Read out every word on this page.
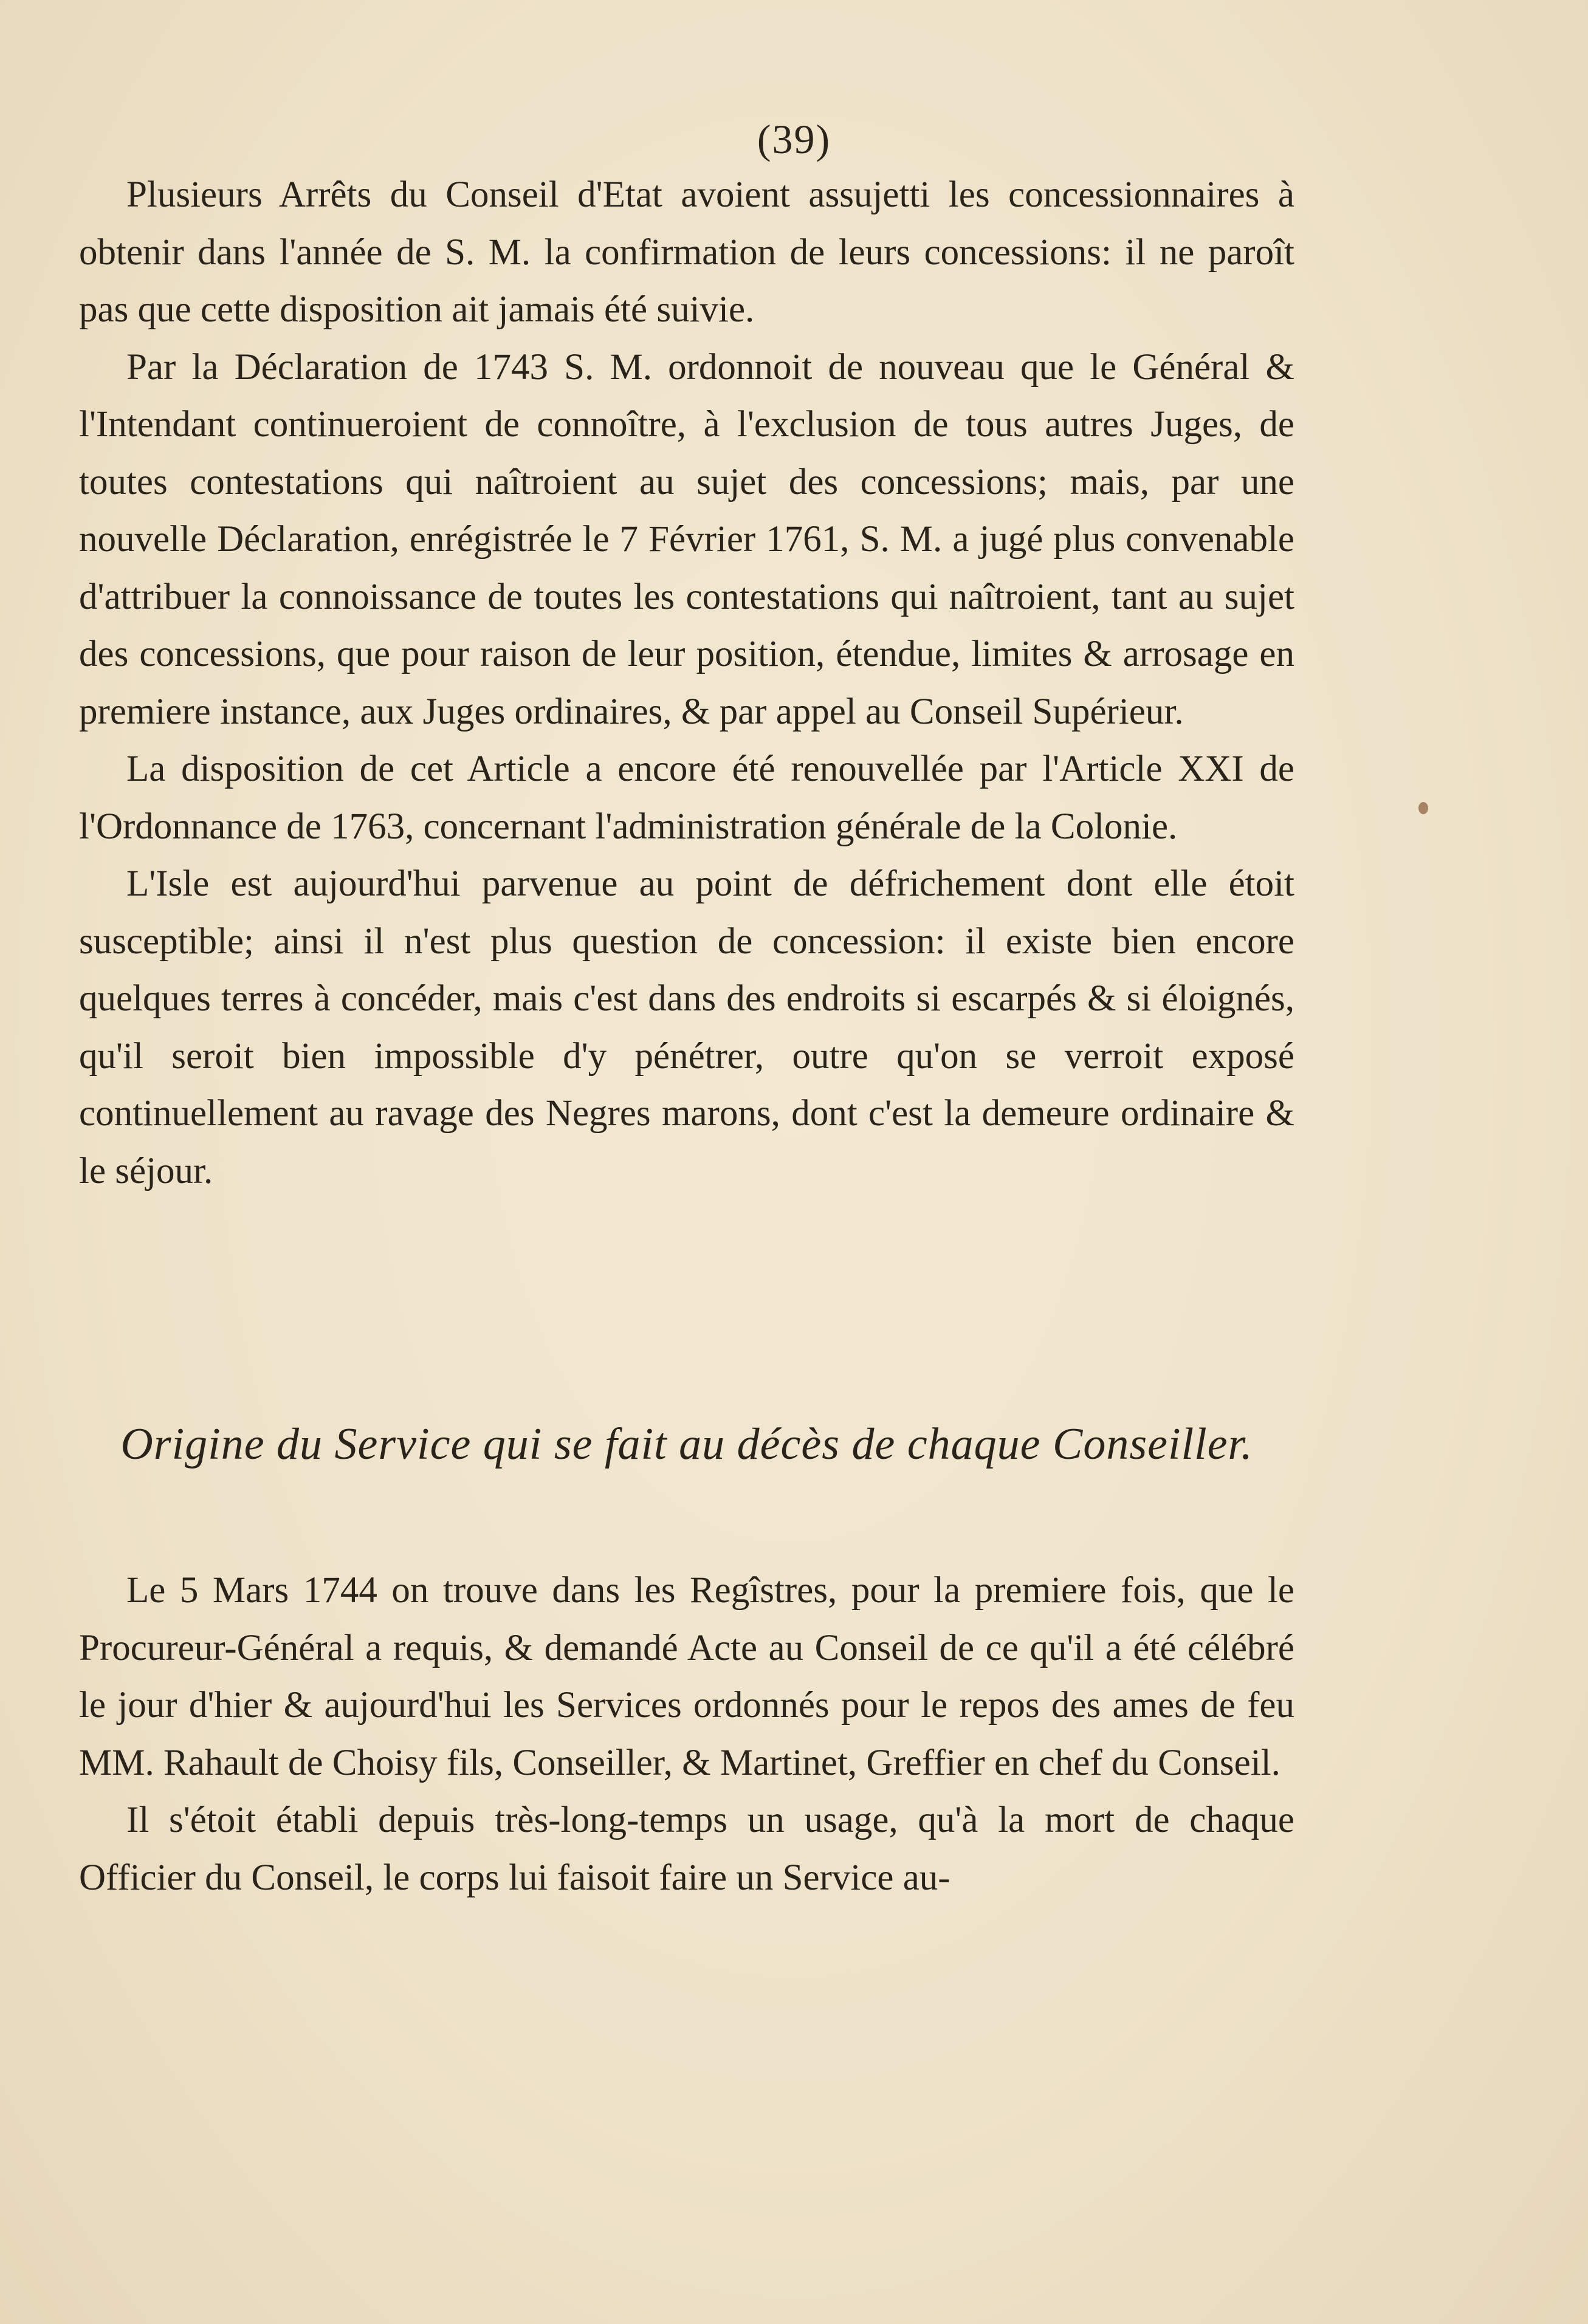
(39)

Plusieurs Arrêts du Conseil d'Etat avoient assujetti les concessionnaires à obtenir dans l'année de S. M. la confirmation de leurs concessions: il ne paroît pas que cette disposition ait jamais été suivie.

Par la Déclaration de 1743 S. M. ordonnoit de nouveau que le Général & l'Intendant continueroient de connoître, à l'exclusion de tous autres Juges, de toutes contestations qui naîtroient au sujet des concessions; mais, par une nouvelle Déclaration, enrégistrée le 7 Février 1761, S. M. a jugé plus convenable d'attribuer la connoissance de toutes les contestations qui naîtroient, tant au sujet des concessions, que pour raison de leur position, étendue, limites & arrosage en premiere instance, aux Juges ordinaires, & par appel au Conseil Supérieur.

La disposition de cet Article a encore été renouvellée par l'Article XXI de l'Ordonnance de 1763, concernant l'administration générale de la Colonie.

L'Isle est aujourd'hui parvenue au point de défrichement dont elle étoit susceptible; ainsi il n'est plus question de concession: il existe bien encore quelques terres à concéder, mais c'est dans des endroits si escarpés & si éloignés, qu'il seroit bien impossible d'y pénétrer, outre qu'on se verroit exposé continuellement au ravage des Negres marons, dont c'est la demeure ordinaire & le séjour.

Origine du Service qui se fait au décès de chaque Conseiller.

Le 5 Mars 1744 on trouve dans les Regîstres, pour la premiere fois, que le Procureur-Général a requis, & demandé Acte au Conseil de ce qu'il a été célébré le jour d'hier & aujourd'hui les Services ordonnés pour le repos des ames de feu MM. Rahault de Choisy fils, Conseiller, & Martinet, Greffier en chef du Conseil.

Il s'étoit établi depuis très-long-temps un usage, qu'à la mort de chaque Officier du Conseil, le corps lui faisoit faire un Service au-
